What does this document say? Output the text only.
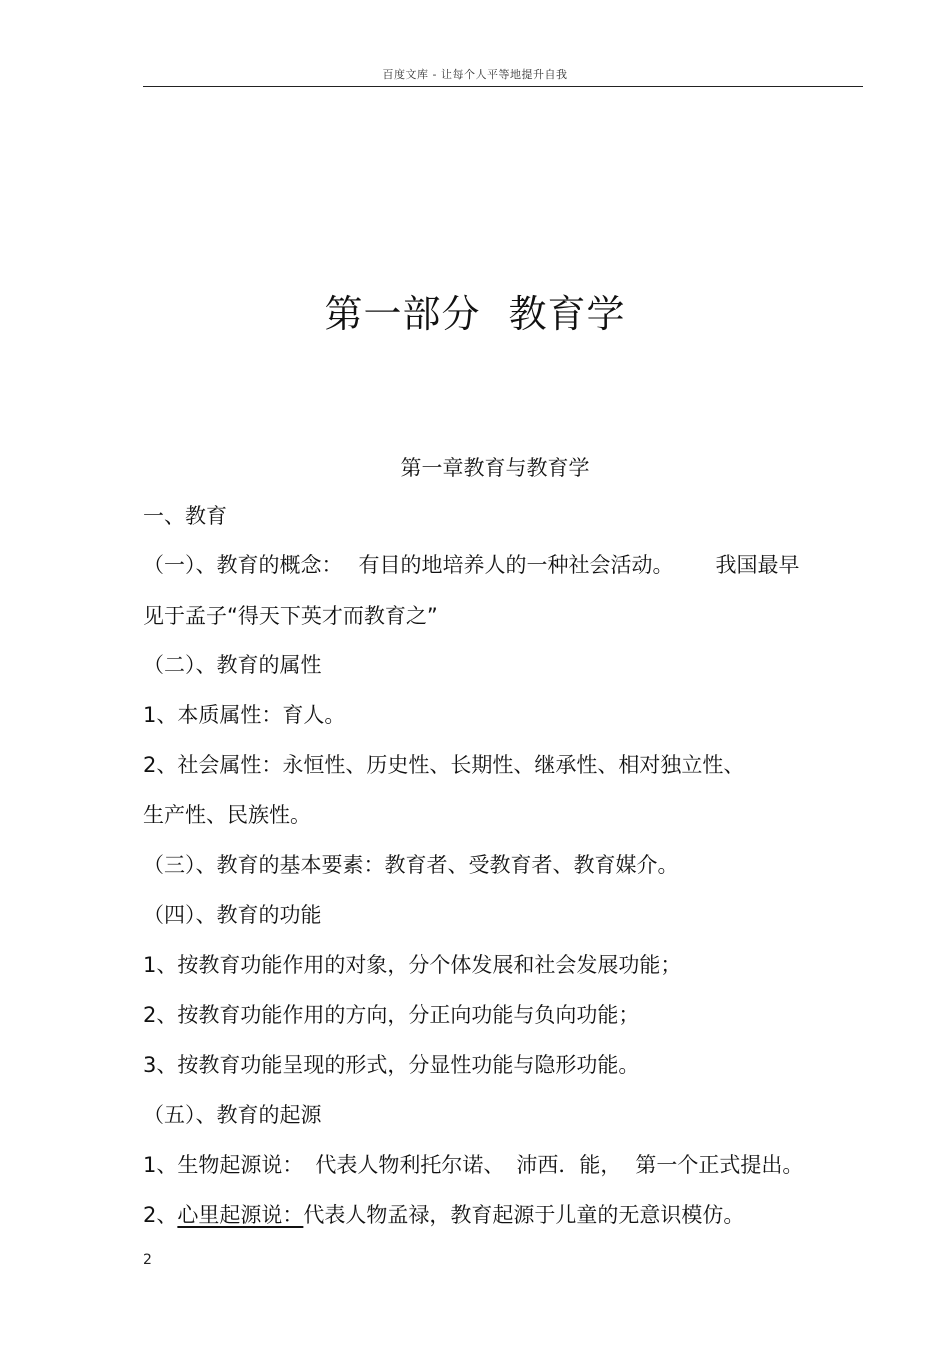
百度文库 - 让每个人平等地提升自我
第一部分 教育学
第一章教育与教育学
一、教育
（一）、教育的概念： 有目的地培养人的一种社会活动。 我国最早
见于孟子“得天下英才而教育之”
（二）、教育的属性
1、本质属性：育人。
2、社会属性：永恒性、历史性、长期性、继承性、相对独立性、
生产性、民族性。
（三）、教育的基本要素：教育者、受教育者、教育媒介。
（四）、教育的功能
1、按教育功能作用的对象，分个体发展和社会发展功能；
2、按教育功能作用的方向，分正向功能与负向功能；
3、按教育功能呈现的形式，分显性功能与隐形功能。
（五）、教育的起源
1、生物起源说： 代表人物利托尔诺、 沛西．能， 第一个正式提出。
2、心里起源说：代表人物孟禄，教育起源于儿童的无意识模仿。
2
